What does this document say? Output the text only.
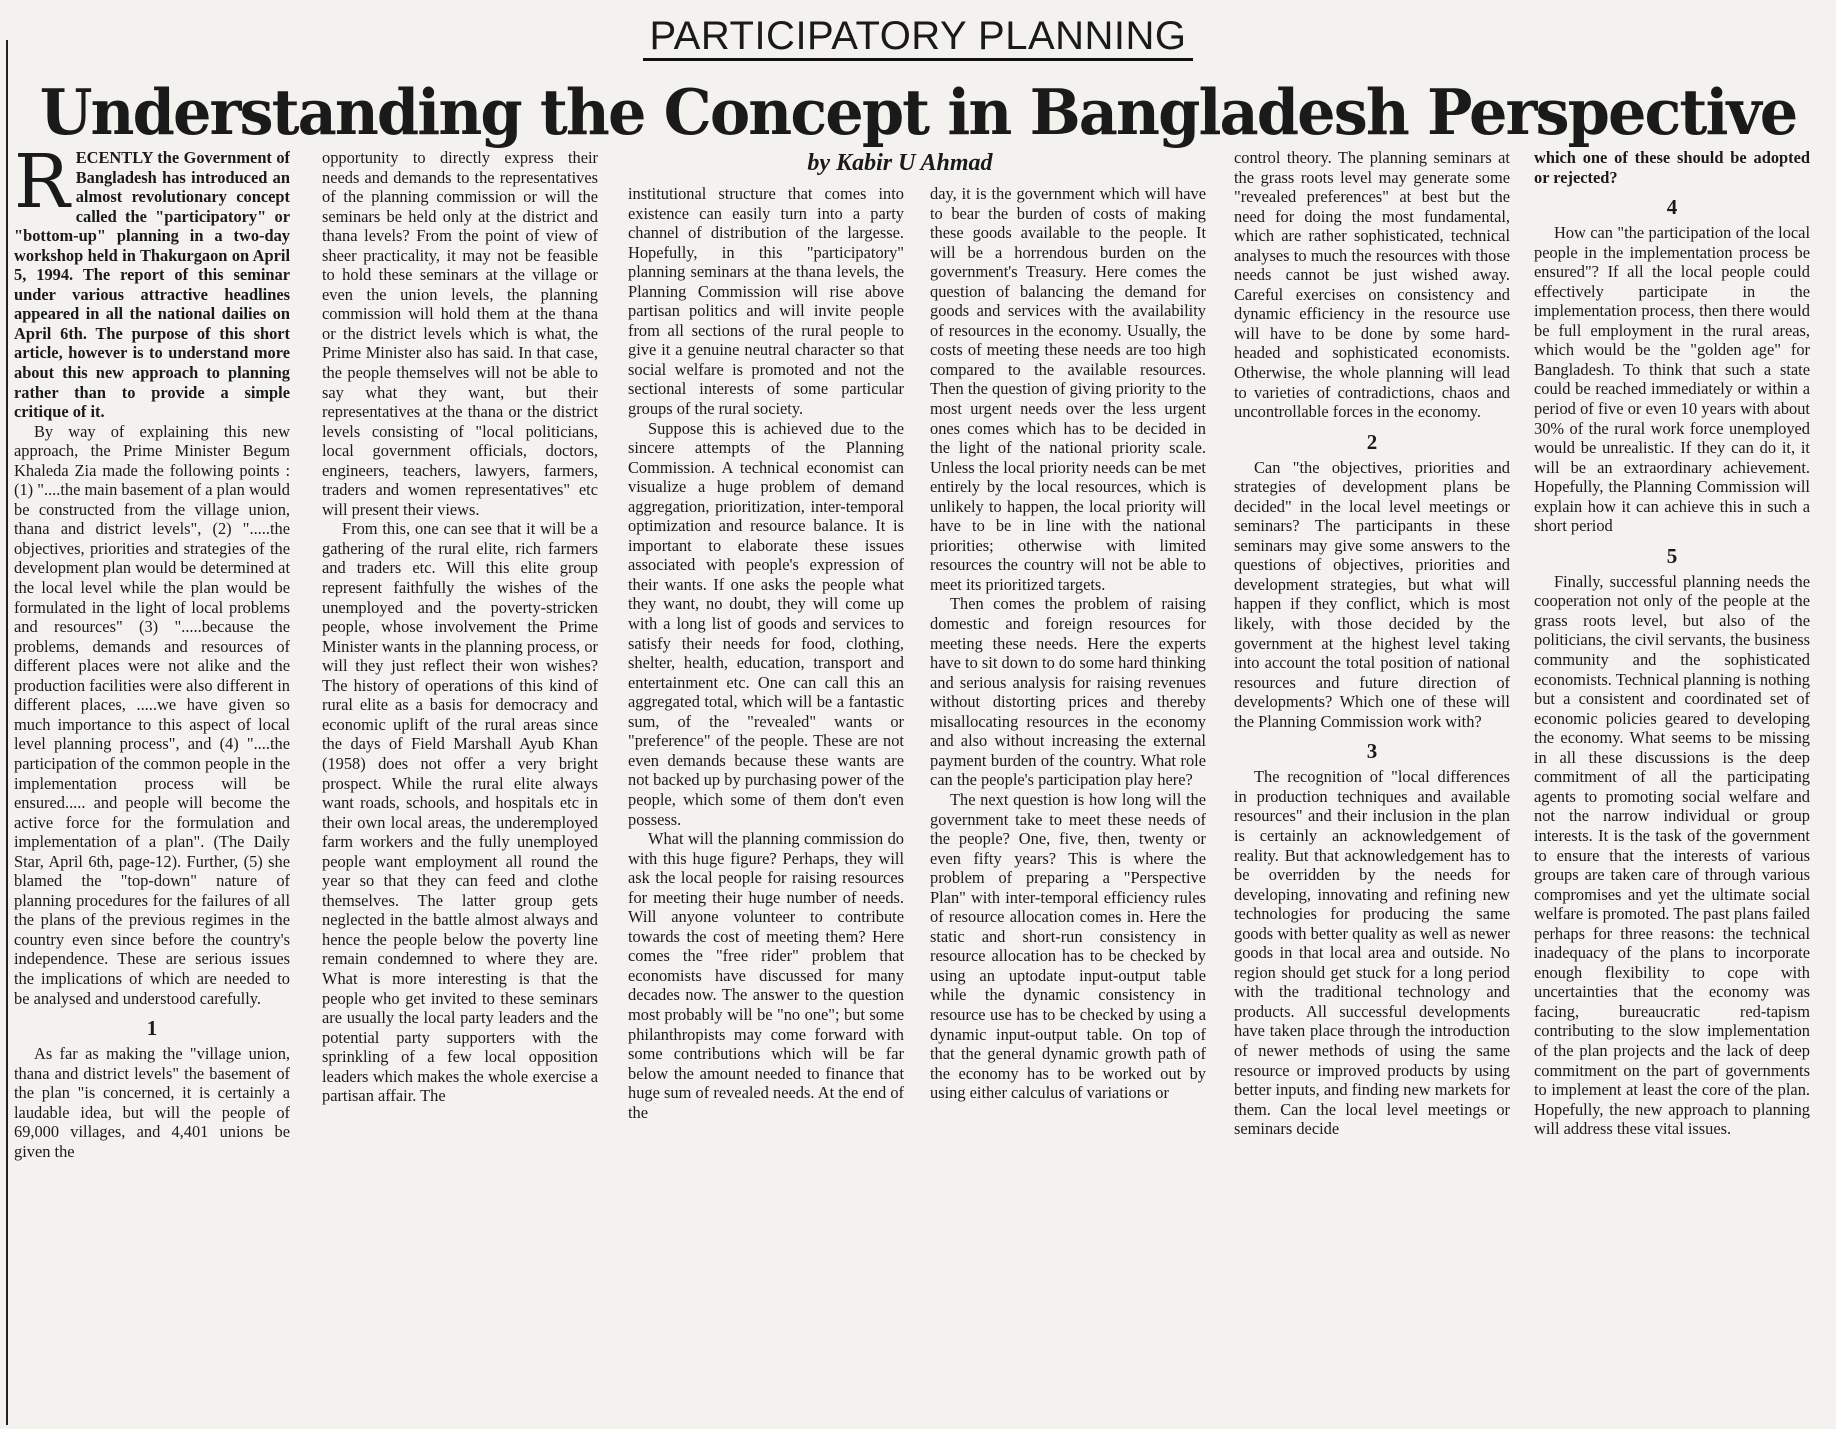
PARTICIPATORY PLANNING
Understanding the Concept in Bangladesh Perspective
by Kabir U Ahmad

RECENTLY the Government of Bangladesh has introduced an almost revolutionary concept called the "participatory" or "bottom-up" planning in a two-day workshop held in Thakurgaon on April 5, 1994. The report of this seminar under various attractive headlines appeared in all the national dailies on April 6th. The purpose of this short article, however is to understand more about this new approach to planning rather than to provide a simple critique of it.

By way of explaining this new approach, the Prime Minister Begum Khaleda Zia made the following points : (1) "....the main basement of a plan would be constructed from the village union, thana and district levels", (2) ".....the objectives, priorities and strategies of the development plan would be determined at the local level while the plan would be formulated in the light of local problems and resources" (3) ".....because the problems, demands and resources of different places were not alike and the production facilities were also different in different places, .....we have given so much importance to this aspect of local level planning process", and (4) "....the participation of the common people in the implementation process will be ensured..... and people will become the active force for the formulation and implementation of a plan". (The Daily Star, April 6th, page-12). Further, (5) she blamed the "top-down" nature of planning procedures for the failures of all the plans of the previous regimes in the country even since before the country's independence. These are serious issues the implications of which are needed to be analysed and understood carefully.

1

As far as making the "village union, thana and district levels" the basement of the plan "is concerned, it is certainly a laudable idea, but will the people of 69,000 villages, and 4,401 unions be given the

opportunity to directly express their needs and demands to the representatives of the planning commission or will the seminars be held only at the district and thana levels? From the point of view of sheer practicality, it may not be feasible to hold these seminars at the village or even the union levels, the planning commission will hold them at the thana or the district levels which is what, the Prime Minister also has said. In that case, the people themselves will not be able to say what they want, but their representatives at the thana or the district levels consisting of "local politicians, local government officials, doctors, engineers, teachers, lawyers, farmers, traders and women representatives" etc will present their views.

From this, one can see that it will be a gathering of the rural elite, rich farmers and traders etc. Will this elite group represent faithfully the wishes of the unemployed and the poverty-stricken people, whose involvement the Prime Minister wants in the planning process, or will they just reflect their won wishes? The history of operations of this kind of rural elite as a basis for democracy and economic uplift of the rural areas since the days of Field Marshall Ayub Khan (1958) does not offer a very bright prospect. While the rural elite always want roads, schools, and hospitals etc in their own local areas, the underemployed farm workers and the fully unemployed people want employment all round the year so that they can feed and clothe themselves. The latter group gets neglected in the battle almost always and hence the people below the poverty line remain condemned to where they are. What is more interesting is that the people who get invited to these seminars are usually the local party leaders and the potential party supporters with the sprinkling of a few local opposition leaders which makes the whole exercise a partisan affair. The

institutional structure that comes into existence can easily turn into a party channel of distribution of the largesse. Hopefully, in this "participatory" planning seminars at the thana levels, the Planning Commission will rise above partisan politics and will invite people from all sections of the rural people to give it a genuine neutral character so that social welfare is promoted and not the sectional interests of some particular groups of the rural society.

Suppose this is achieved due to the sincere attempts of the Planning Commission. A technical economist can visualize a huge problem of demand aggregation, prioritization, inter-temporal optimization and resource balance. It is important to elaborate these issues associated with people's expression of their wants. If one asks the people what they want, no doubt, they will come up with a long list of goods and services to satisfy their needs for food, clothing, shelter, health, education, transport and entertainment etc. One can call this an aggregated total, which will be a fantastic sum, of the "revealed" wants or "preference" of the people. These are not even demands because these wants are not backed up by purchasing power of the people, which some of them don't even possess.

What will the planning commission do with this huge figure? Perhaps, they will ask the local people for raising resources for meeting their huge number of needs. Will anyone volunteer to contribute towards the cost of meeting them? Here comes the "free rider" problem that economists have discussed for many decades now. The answer to the question most probably will be "no one"; but some philanthropists may come forward with some contributions which will be far below the amount needed to finance that huge sum of revealed needs. At the end of the

day, it is the government which will have to bear the burden of costs of making these goods available to the people. It will be a horrendous burden on the government's Treasury. Here comes the question of balancing the demand for goods and services with the availability of resources in the economy. Usually, the costs of meeting these needs are too high compared to the available resources. Then the question of giving priority to the most urgent needs over the less urgent ones comes which has to be decided in the light of the national priority scale. Unless the local priority needs can be met entirely by the local resources, which is unlikely to happen, the local priority will have to be in line with the national priorities; otherwise with limited resources the country will not be able to meet its prioritized targets.

Then comes the problem of raising domestic and foreign resources for meeting these needs. Here the experts have to sit down to do some hard thinking and serious analysis for raising revenues without distorting prices and thereby misallocating resources in the economy and also without increasing the external payment burden of the country. What role can the people's participation play here?

The next question is how long will the government take to meet these needs of the people? One, five, then, twenty or even fifty years? This is where the problem of preparing a "Perspective Plan" with inter-temporal efficiency rules of resource allocation comes in. Here the static and short-run consistency in resource allocation has to be checked by using an uptodate input-output table while the dynamic consistency in resource use has to be checked by using a dynamic input-output table. On top of that the general dynamic growth path of the economy has to be worked out by using either calculus of variations or

control theory. The planning seminars at the grass roots level may generate some "revealed preferences" at best but the need for doing the most fundamental, which are rather sophisticated, technical analyses to much the resources with those needs cannot be just wished away. Careful exercises on consistency and dynamic efficiency in the resource use will have to be done by some hard-headed and sophisticated economists. Otherwise, the whole planning will lead to varieties of contradictions, chaos and uncontrollable forces in the economy.

2

Can "the objectives, priorities and strategies of development plans be decided" in the local level meetings or seminars? The participants in these seminars may give some answers to the questions of objectives, priorities and development strategies, but what will happen if they conflict, which is most likely, with those decided by the government at the highest level taking into account the total position of national resources and future direction of developments? Which one of these will the Planning Commission work with?

3

The recognition of "local differences in production techniques and available resources" and their inclusion in the plan is certainly an acknowledgement of reality. But that acknowledgement has to be overridden by the needs for developing, innovating and refining new technologies for producing the same goods with better quality as well as newer goods in that local area and outside. No region should get stuck for a long period with the traditional technology and products. All successful developments have taken place through the introduction of newer methods of using the same resource or improved products by using better inputs, and finding new markets for them. Can the local level meetings or seminars decide

which one of these should be adopted or rejected?

4

How can "the participation of the local people in the implementation process be ensured"? If all the local people could effectively participate in the implementation process, then there would be full employment in the rural areas, which would be the "golden age" for Bangladesh. To think that such a state could be reached immediately or within a period of five or even 10 years with about 30% of the rural work force unemployed would be unrealistic. If they can do it, it will be an extraordinary achievement. Hopefully, the Planning Commission will explain how it can achieve this in such a short period

5

Finally, successful planning needs the cooperation not only of the people at the grass roots level, but also of the politicians, the civil servants, the business community and the sophisticated economists. Technical planning is nothing but a consistent and coordinated set of economic policies geared to developing the economy. What seems to be missing in all these discussions is the deep commitment of all the participating agents to promoting social welfare and not the narrow individual or group interests. It is the task of the government to ensure that the interests of various groups are taken care of through various compromises and yet the ultimate social welfare is promoted. The past plans failed perhaps for three reasons: the technical inadequacy of the plans to incorporate enough flexibility to cope with uncertainties that the economy was facing, bureaucratic red-tapism contributing to the slow implementation of the plan projects and the lack of deep commitment on the part of governments to implement at least the core of the plan. Hopefully, the new approach to planning will address these vital issues.
